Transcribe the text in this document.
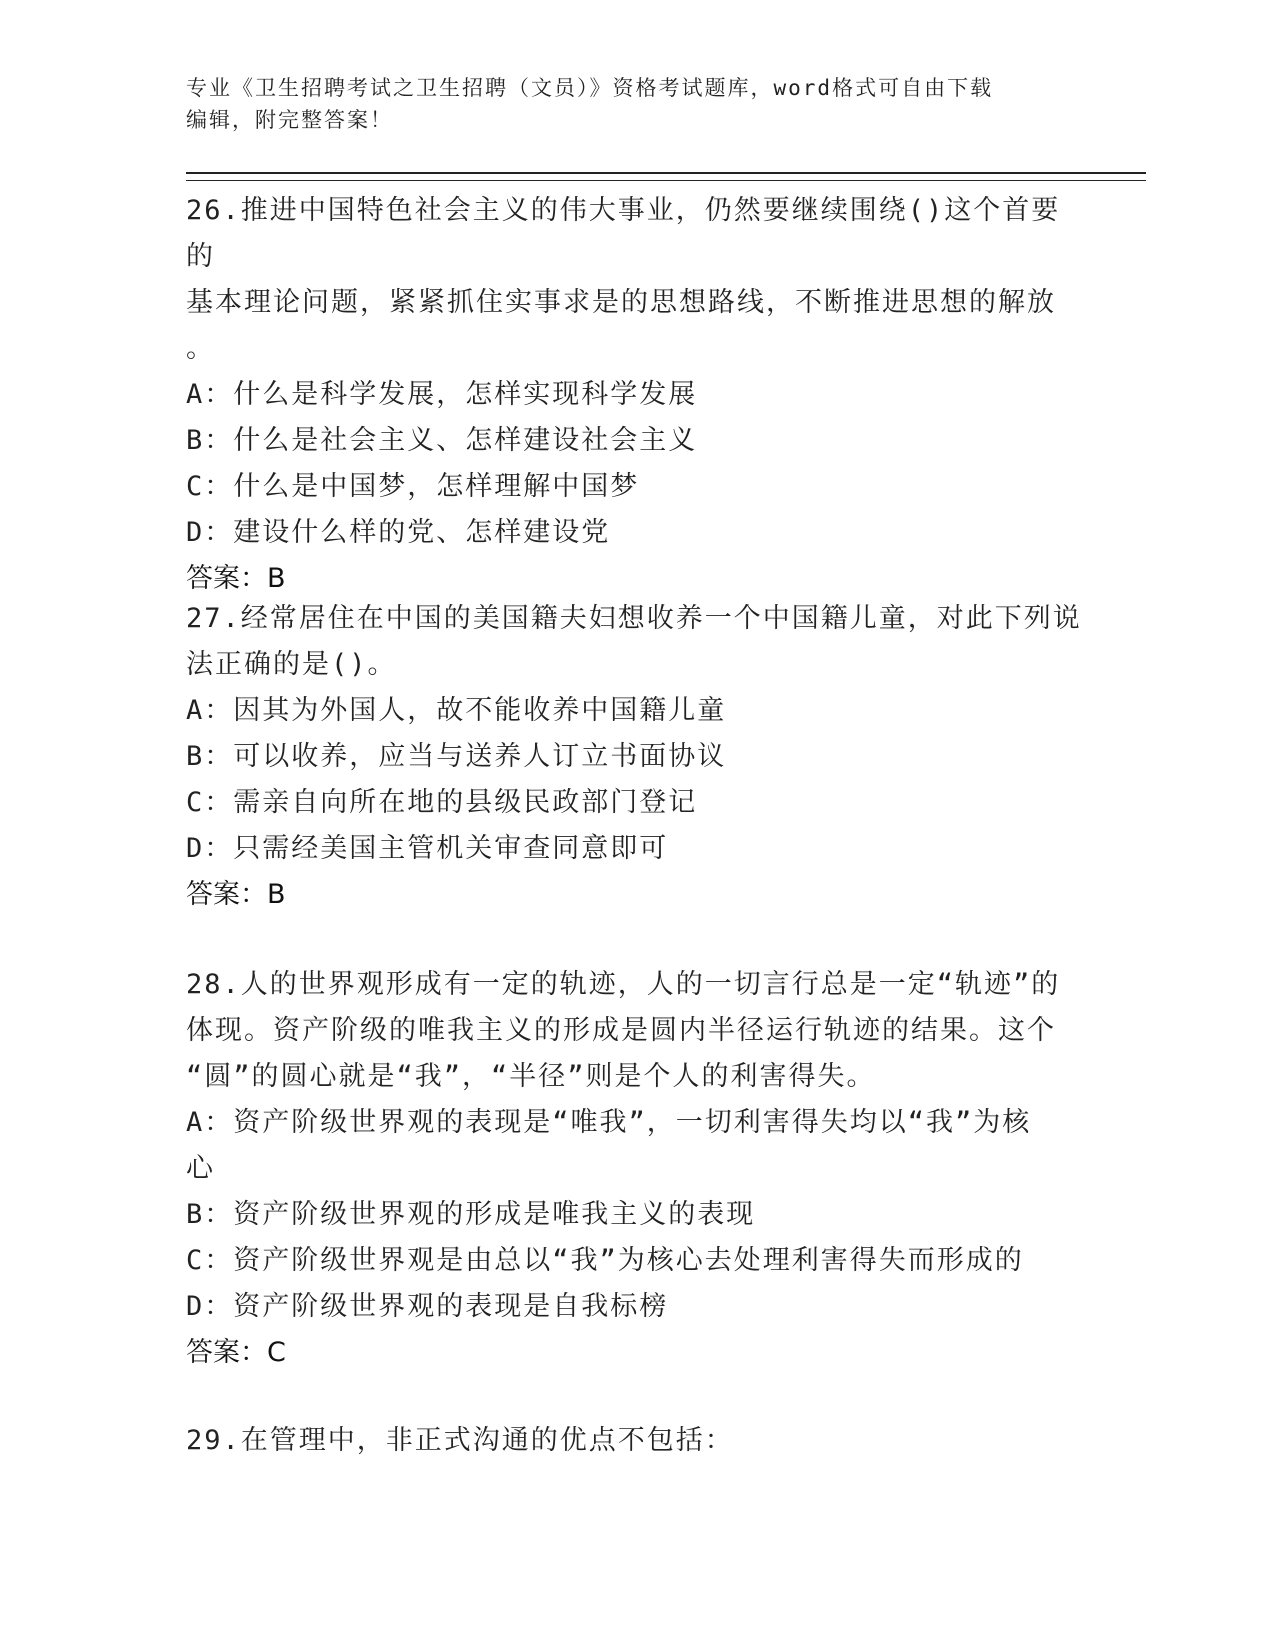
专业《卫生招聘考试之卫生招聘（文员）》资格考试题库，word格式可自由下载
编辑，附完整答案！

26.推进中国特色社会主义的伟大事业，仍然要继续围绕()这个首要的

基本理论问题，紧紧抓住实事求是的思想路线，不断推进思想的解放

。

A：什么是科学发展，怎样实现科学发展

B：什么是社会主义、怎样建设社会主义

C：什么是中国梦，怎样理解中国梦

D：建设什么样的党、怎样建设党

答案：B

27.经常居住在中国的美国籍夫妇想收养一个中国籍儿童，对此下列说

法正确的是()。

A：因其为外国人，故不能收养中国籍儿童

B：可以收养，应当与送养人订立书面协议

C：需亲自向所在地的县级民政部门登记

D：只需经美国主管机关审查同意即可

答案：B

28.人的世界观形成有一定的轨迹，人的一切言行总是一定“轨迹”的

体现。资产阶级的唯我主义的形成是圆内半径运行轨迹的结果。这个

“圆”的圆心就是“我”，“半径”则是个人的利害得失。

A：资产阶级世界观的表现是“唯我”，一切利害得失均以“我”为核

心

B：资产阶级世界观的形成是唯我主义的表现

C：资产阶级世界观是由总以“我”为核心去处理利害得失而形成的

D：资产阶级世界观的表现是自我标榜

答案：C

29.在管理中，非正式沟通的优点不包括：
